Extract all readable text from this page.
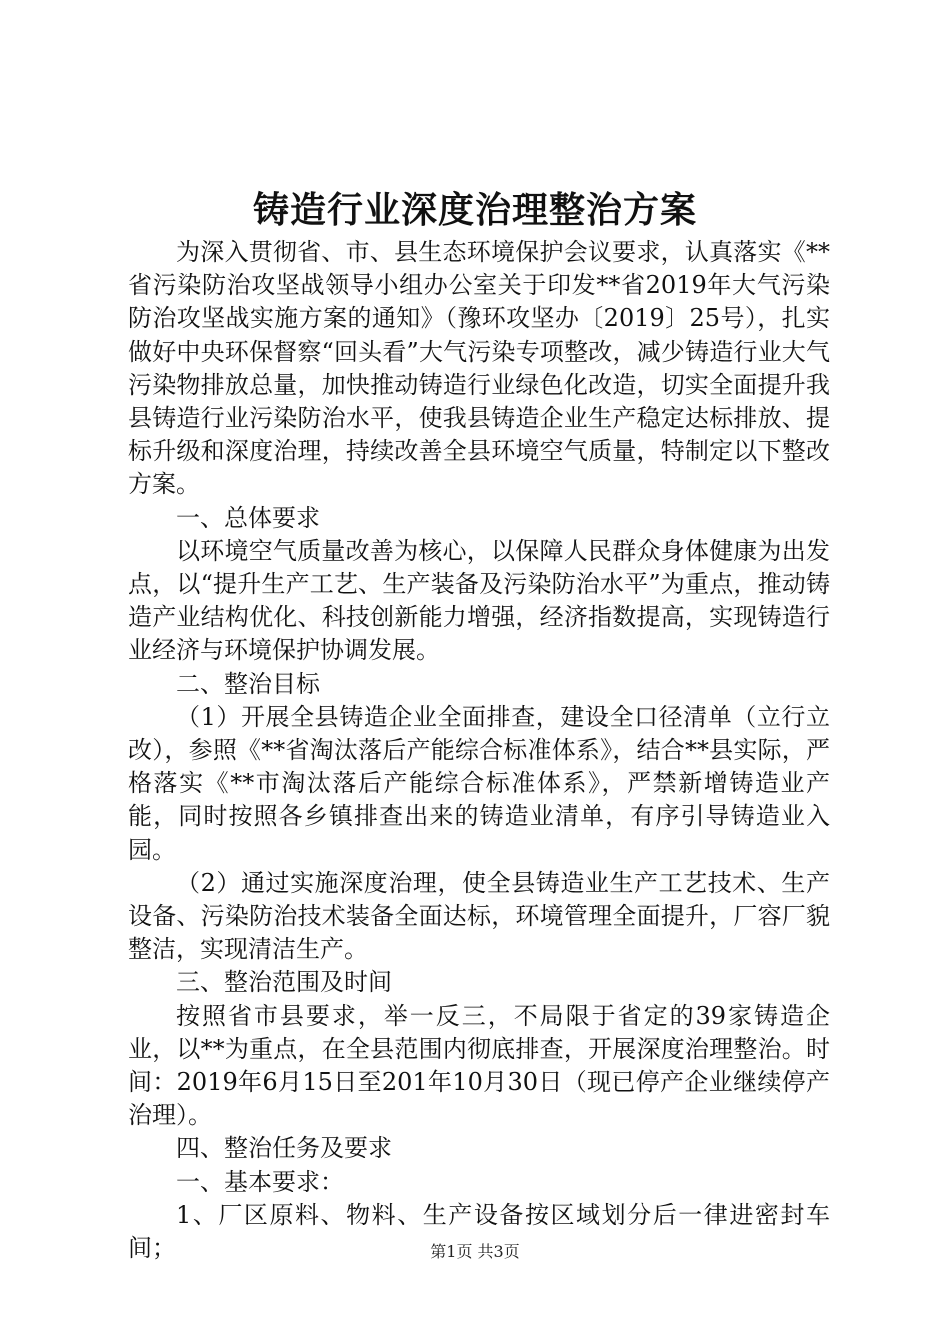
铸造行业深度治理整治方案

为深入贯彻省、市、县生态环境保护会议要求，认真落实《**省污染防治攻坚战领导小组办公室关于印发**省2019年大气污染防治攻坚战实施方案的通知》（豫环攻坚办〔2019〕25号），扎实做好中央环保督察“回头看”大气污染专项整改，减少铸造行业大气污染物排放总量，加快推动铸造行业绿色化改造，切实全面提升我县铸造行业污染防治水平，使我县铸造企业生产稳定达标排放、提标升级和深度治理，持续改善全县环境空气质量，特制定以下整改方案。

一、总体要求

以环境空气质量改善为核心，以保障人民群众身体健康为出发点，以“提升生产工艺、生产装备及污染防治水平”为重点，推动铸造产业结构优化、科技创新能力增强，经济指数提高，实现铸造行业经济与环境保护协调发展。

二、整治目标

（1）开展全县铸造企业全面排查，建设全口径清单（立行立改），参照《**省淘汰落后产能综合标准体系》，结合**县实际，严格落实《**市淘汰落后产能综合标准体系》，严禁新增铸造业产能，同时按照各乡镇排查出来的铸造业清单，有序引导铸造业入园。

（2）通过实施深度治理，使全县铸造业生产工艺技术、生产设备、污染防治技术装备全面达标，环境管理全面提升，厂容厂貌整洁，实现清洁生产。

三、整治范围及时间

按照省市县要求，举一反三，不局限于省定的39家铸造企业，以**为重点，在全县范围内彻底排查，开展深度治理整治。时间：2019年6月15日至201年10月30日（现已停产企业继续停产治理）。

四、整治任务及要求

一、基本要求：

1、厂区原料、物料、生产设备按区域划分后一律进密封车间；	第1页 共3页
